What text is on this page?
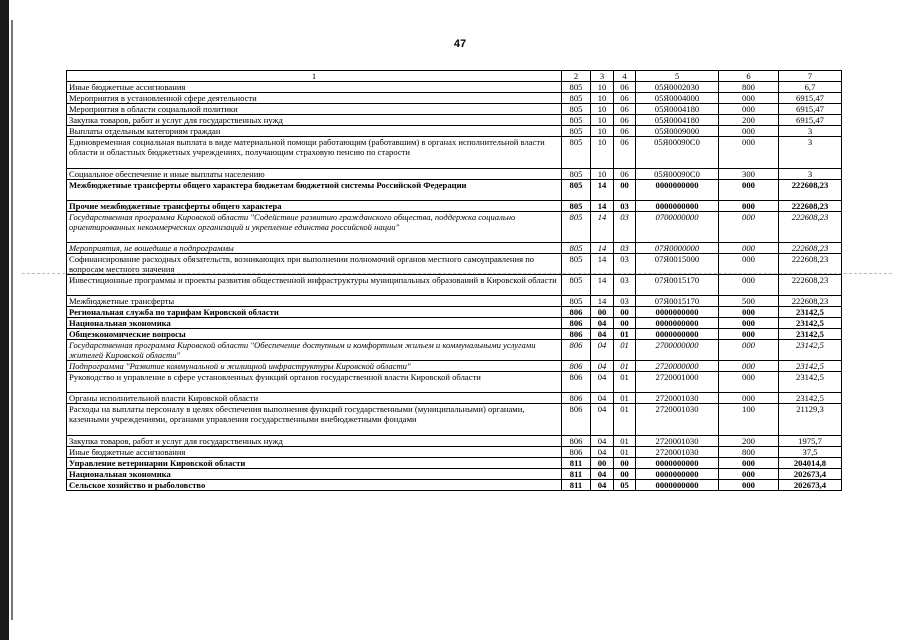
47
1	2	3	4	5	6	7
Иные бюджетные ассигнования	805	10	06	05Я0002030	800	6,7
Мероприятия в установленной сфере деятельности	805	10	06	05Я0004000	000	6915,47
Мероприятия в области социальной политики	805	10	06	05Я0004180	000	6915,47
Закупка товаров, работ и услуг для государственных нужд	805	10	06	05Я0004180	200	6915,47
Выплаты отдельным категориям граждан	805	10	06	05Я0009000	000	3
Единовременная социальная выплата в виде материальной помощи работающим (работавшим) в органах исполнительной власти области и областных бюджетных учреждениях, получающим страховую пенсию по старости	805	10	06	05Я00090С0	000	3
Социальное обеспечение и иные выплаты населению	805	10	06	05Я00090С0	300	3
Межбюджетные трансферты общего характера бюджетам бюджетной системы Российской Федерации	805	14	00	0000000000	000	222608,23
Прочие межбюджетные трансферты общего характера	805	14	03	0000000000	000	222608,23
Государственная программа Кировской области "Содействие развитию гражданского общества, поддержка социально ориентированных некоммерческих организаций и укрепление единства российской нации"	805	14	03	0700000000	000	222608,23
Мероприятия, не вошедшие в подпрограммы	805	14	03	07Я0000000	000	222608,23
Софинансирование расходных обязательств, возникающих при выполнении полномочий органов местного самоуправления по вопросам местного значения	805	14	03	07Я0015000	000	222608,23
Инвестиционные программы и проекты развития общественной инфраструктуры муниципальных образований в Кировской области	805	14	03	07Я0015170	000	222608,23
Межбюджетные трансферты	805	14	03	07Я0015170	500	222608,23
Региональная служба по тарифам Кировской области	806	00	00	0000000000	000	23142,5
Национальная экономика	806	04	00	0000000000	000	23142,5
Общеэкономические вопросы	806	04	01	0000000000	000	23142,5
Государственная программа Кировской области "Обеспечение доступным и комфортным жильем и коммунальными услугами жителей Кировской области"	806	04	01	2700000000	000	23142,5
Подпрограмма "Развитие коммунальной и жилищной инфраструктуры Кировской области"	806	04	01	2720000000	000	23142,5
Руководство и управление в сфере установленных функций органов государственной власти Кировской области	806	04	01	2720001000	000	23142,5
Органы исполнительной власти Кировской области	806	04	01	2720001030	000	23142,5
Расходы на выплаты персоналу в целях обеспечения выполнения функций государственными (муниципальными) органами, казенными учреждениями, органами управления государственными внебюджетными фондами	806	04	01	2720001030	100	21129,3
Закупка товаров, работ и услуг для государственных нужд	806	04	01	2720001030	200	1975,7
Иные бюджетные ассигнования	806	04	01	2720001030	800	37,5
Управление ветеринарии Кировской области	811	00	00	0000000000	000	204014,8
Национальная экономика	811	04	00	0000000000	000	202673,4
Сельское хозяйство и рыболовство	811	04	05	0000000000	000	202673,4
